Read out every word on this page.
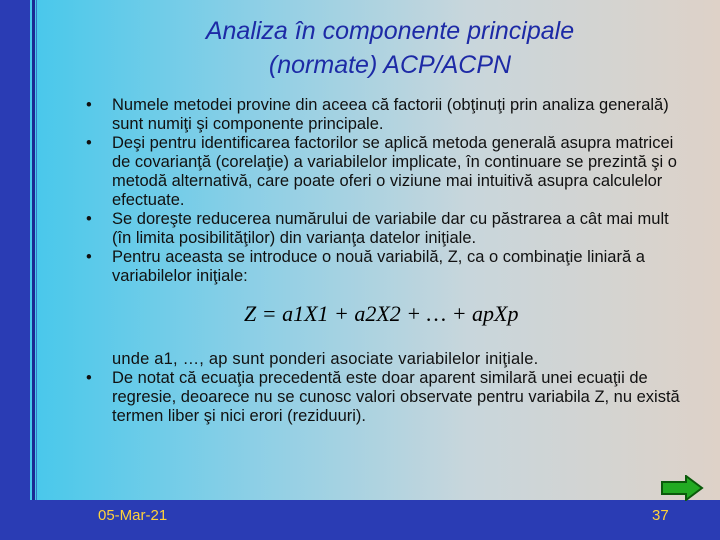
Analiza în componente principale
(normate) ACP/ACPN
• Numele metodei provine din aceea că factorii (obţinuţi prin analiza generală) sunt numiţi şi componente principale.
• Deşi pentru identificarea factorilor se aplică metoda generală asupra matricei de covarianţă (corelaţie) a variabilelor implicate, în continuare se prezintă şi o metodă alternativă, care poate oferi o viziune mai intuitivă asupra calculelor efectuate.
• Se doreşte reducerea numărului de variabile dar cu păstrarea a cât mai mult (în limita posibilităţilor) din varianţa datelor iniţiale.
• Pentru aceasta se introduce o nouă variabilă, Z, ca o combinaţie liniară a variabilelor iniţiale:
Z = a1X1 + a2X2 + … + apXp
unde a1, …, ap sunt ponderi asociate variabilelor iniţiale.
• De notat că ecuaţia precedentă este doar aparent similară unei ecuaţii de regresie, deoarece nu se cunosc valori observate pentru variabila Z, nu există termen liber şi nici erori (reziduuri).
05-Mar-21	37
